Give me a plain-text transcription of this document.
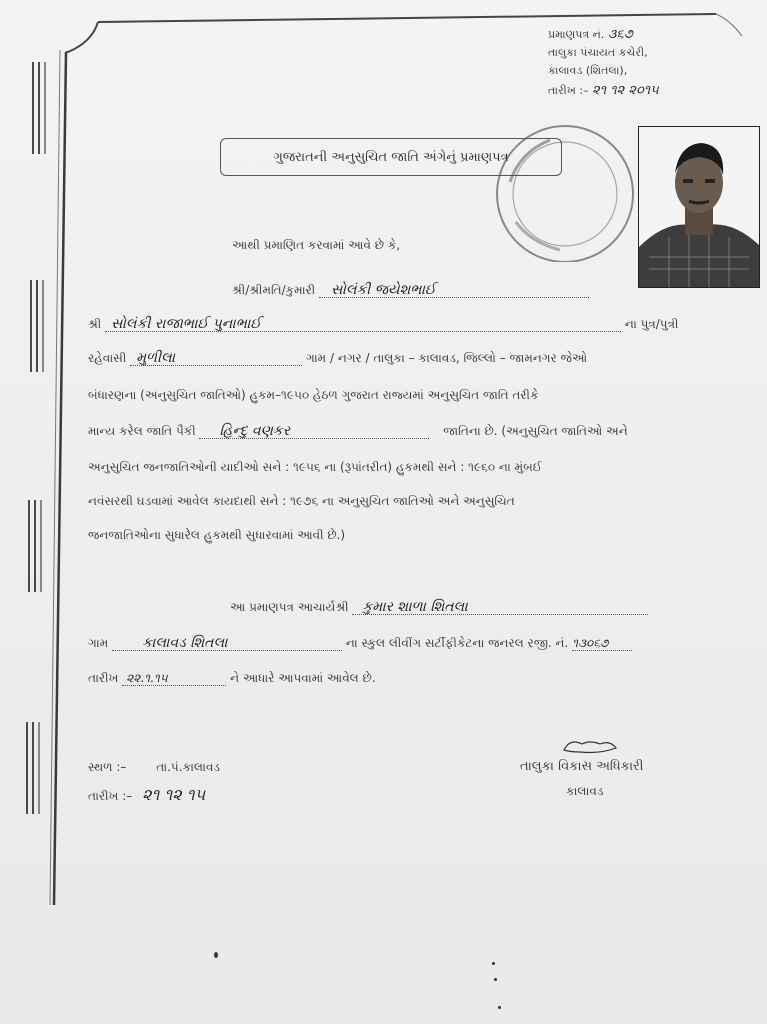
પ્રમાણપત્ર નં. ૩૬૭
તાલુકા પંચાયત કચેરી,
કાલાવડ (શિતલા),
તારીખ :– ૨૧ ૧૨ ૨૦૧૫
ગુજરાતની અનુસુચિત જાતિ અંગેનું પ્રમાણપત્ર
આથી પ્રમાણિત કરવામાં આવે છે કે,
શ્રી/શ્રીમતિ/કુમારી સોલંકી જયેશભાઈ
શ્રી સોલંકી રાજાભાઈ પુનાભાઈ	ના પુત્ર/પુત્રી
રહેવાસી મુળીલા	ગામ / નગર / તાલુકા – કાલાવડ, જિલ્લો – જામનગર જેઓ
બંધારણના (અનુસુચિત જાતિઓ) હુકમ–૧૯૫૦ હેઠળ ગુજરાત રાજ્યમાં અનુસુચિત જાતિ તરીકે
માન્ય કરેલ જાતિ પૈકી હિન્દુ વણકર	જાતિના છે. (અનુસુચિત જાતિઓ અને
અનુસુચિત જનજાતિઓની યાદીઓ સને : ૧૯૫૬ ના (રૂપાંતરીત) હુકમથી સને : ૧૯૬૦ ના મુંબઈ
નવંસરથી ઘડવામાં આવેલ કાયદાથી સને : ૧૯૭૬ ના અનુસુચિત જાતિઓ અને અનુસુચિત
જનજાતિઓના સુધારેલ હુકમથી સુધારવામાં આવી છે.)
આ પ્રમાણપત્ર આચાર્યશ્રી કુમાર શાળા શિતલા
ગામ કાલાવડ શિતલા	ના સ્કુલ લીવીંગ સર્ટીફીકેટના જનરલ રજી. નં. ૧૩૦૬૭
તારીખ ૨૨.૧.૧૫	ને આધારે આપવામાં આવેલ છે.
સ્થળ :– તા.પં.કાલાવડ
તારીખ :– ૨૧ ૧૨ ૧૫
તાલુકા વિકાસ અધિકારી
કાલાવડ
